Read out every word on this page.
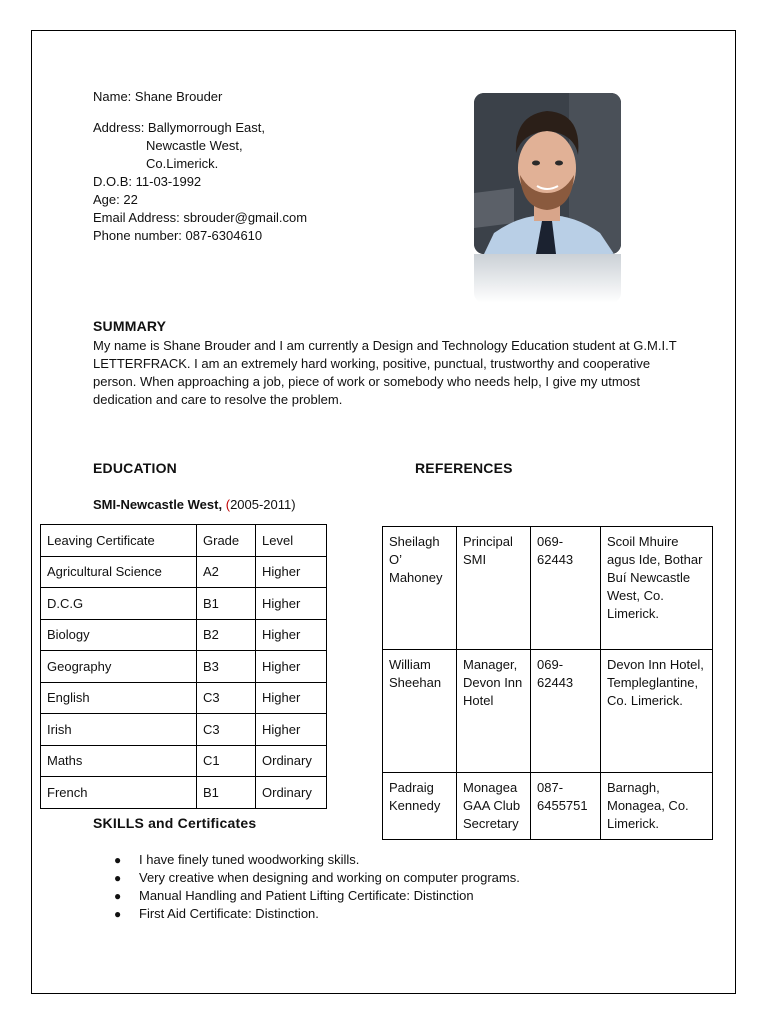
Name: Shane Brouder
Address: Ballymorrough East,
Newcastle West,
Co.Limerick.
D.O.B: 11-03-1992
Age: 22
Email Address: sbrouder@gmail.com
Phone number: 087-6304610
SUMMARY
My name is Shane Brouder and I am currently a Design and Technology Education student at G.M.I.T LETTERFRACK. I am an extremely hard working, positive, punctual, trustworthy and cooperative person. When approaching a job, piece of work or somebody who needs help, I give my utmost dedication and care to resolve the problem.
EDUCATION	REFERENCES
SMI-Newcastle West, (2005-2011)
Leaving Certificate	Grade	Level
Agricultural Science	A2	Higher
D.C.G	B1	Higher
Biology	B2	Higher
Geography	B3	Higher
English	C3	Higher
Irish	C3	Higher
Maths	C1	Ordinary
French	B1	Ordinary
Sheilagh O’ Mahoney	Principal SMI	069-62443	Scoil Mhuire agus Ide, Bothar Buí Newcastle West, Co. Limerick.
William Sheehan	Manager, Devon Inn Hotel	069-62443	Devon Inn Hotel, Templeglantine, Co. Limerick.
Padraig Kennedy	Monagea GAA Club Secretary	087-6455751	Barnagh, Monagea, Co. Limerick.
SKILLS and Certificates
● I have finely tuned woodworking skills.
● Very creative when designing and working on computer programs.
● Manual Handling and Patient Lifting Certificate: Distinction
● First Aid Certificate: Distinction.
